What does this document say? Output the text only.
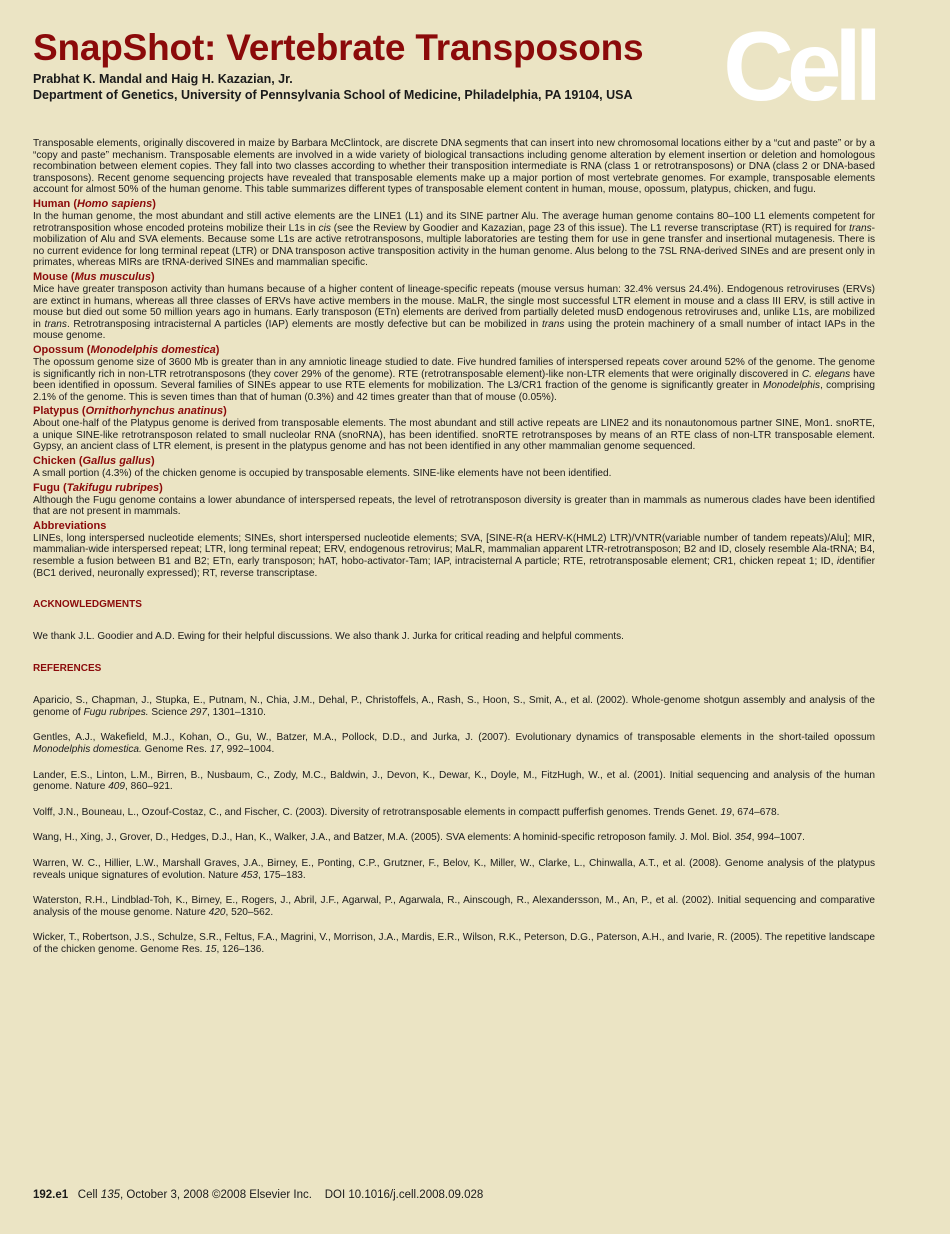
Cell
SnapShot: Vertebrate Transposons

Prabhat K. Mandal and Haig H. Kazazian, Jr.

Department of Genetics, University of Pennsylvania School of Medicine, Philadelphia, PA 19104, USA

Transposable elements, originally discovered in maize by Barbara McClintock, are discrete DNA segments that can insert into new chromosomal locations either by a “cut and paste” or by a “copy and paste” mechanism. Transposable elements are involved in a wide variety of biological transactions including genome alteration by element insertion or deletion and homologous recombination between element copies. They fall into two classes according to whether their transposition intermediate is RNA (class 1 or retrotransposons) or DNA (class 2 or DNA-based transposons). Recent genome sequencing projects have revealed that transposable elements make up a major portion of most vertebrate genomes. For example, transposable elements account for almost 50% of the human genome. This table summarizes different types of transposable element content in human, mouse, opossum, platypus, chicken, and fugu.

Human (Homo sapiens)

In the human genome, the most abundant and still active elements are the LINE1 (L1) and its SINE partner Alu. The average human genome contains 80–100 L1 elements competent for retrotransposition whose encoded proteins mobilize their L1s in cis (see the Review by Goodier and Kazazian, page 23 of this issue). The L1 reverse transcriptase (RT) is required for trans-mobilization of Alu and SVA elements. Because some L1s are active retrotransposons, multiple laboratories are testing them for use in gene transfer and insertional mutagenesis. There is no current evidence for long terminal repeat (LTR) or DNA transposon active transposition activity in the human genome. Alus belong to the 7SL RNA-derived SINEs and are present only in primates, whereas MIRs are tRNA-derived SINEs and mammalian specific.

Mouse (Mus musculus)

Mice have greater transposon activity than humans because of a higher content of lineage-specific repeats (mouse versus human: 32.4% versus 24.4%). Endogenous retroviruses (ERVs) are extinct in humans, whereas all three classes of ERVs have active members in the mouse. MaLR, the single most successful LTR element in mouse and a class III ERV, is still active in mouse but died out some 50 million years ago in humans. Early transposon (ETn) elements are derived from partially deleted musD endogenous retroviruses and, unlike L1s, are mobilized in trans. Retrotransposing intracisternal A particles (IAP) elements are mostly defective but can be mobilized in trans using the protein machinery of a small number of intact IAPs in the mouse genome.

Opossum (Monodelphis domestica)

The opossum genome size of 3600 Mb is greater than in any amniotic lineage studied to date. Five hundred families of interspersed repeats cover around 52% of the genome. The genome is significantly rich in non-LTR retrotransposons (they cover 29% of the genome). RTE (retrotransposable element)-like non-LTR elements that were originally discovered in C. elegans have been identified in opossum. Several families of SINEs appear to use RTE elements for mobilization. The L3/CR1 fraction of the genome is significantly greater in Monodelphis, comprising 2.1% of the genome. This is seven times than that of human (0.3%) and 42 times greater than that of mouse (0.05%).

Platypus (Ornithorhynchus anatinus)

About one-half of the Platypus genome is derived from transposable elements. The most abundant and still active repeats are LINE2 and its nonautonomous partner SINE, Mon1. snoRTE, a unique SINE-like retrotransposon related to small nucleolar RNA (snoRNA), has been identified. snoRTE retrotransposes by means of an RTE class of non-LTR transposable element. Gypsy, an ancient class of LTR element, is present in the platypus genome and has not been identified in any other mammalian genome sequenced.

Chicken (Gallus gallus)

A small portion (4.3%) of the chicken genome is occupied by transposable elements. SINE-like elements have not been identified.

Fugu (Takifugu rubripes)

Although the Fugu genome contains a lower abundance of interspersed repeats, the level of retrotransposon diversity is greater than in mammals as numerous clades have been identified that are not present in mammals.

Abbreviations

LINEs, long interspersed nucleotide elements; SINEs, short interspersed nucleotide elements; SVA, [SINE-R(a HERV-K(HML2) LTR)/VNTR(variable number of tandem repeats)/Alu]; MIR, mammalian-wide interspersed repeat; LTR, long terminal repeat; ERV, endogenous retrovirus; MaLR, mammalian apparent LTR-retrotransposon; B2 and ID, closely resemble Ala-tRNA; B4, resemble a fusion between B1 and B2; ETn, early transposon; hAT, hobo-activator-Tam; IAP, intracisternal A particle; RTE, retrotransposable element; CR1, chicken repeat 1; ID, identifier (BC1 derived, neuronally expressed); RT, reverse transcriptase.

ACKNOWLEDGMENTS

We thank J.L. Goodier and A.D. Ewing for their helpful discussions. We also thank J. Jurka for critical reading and helpful comments.

REFERENCES

Aparicio, S., Chapman, J., Stupka, E., Putnam, N., Chia, J.M., Dehal, P., Christoffels, A., Rash, S., Hoon, S., Smit, A., et al. (2002). Whole-genome shotgun assembly and analysis of the genome of Fugu rubripes. Science 297, 1301–1310.

Gentles, A.J., Wakefield, M.J., Kohan, O., Gu, W., Batzer, M.A., Pollock, D.D., and Jurka, J. (2007). Evolutionary dynamics of transposable elements in the short-tailed opossum Monodelphis domestica. Genome Res. 17, 992–1004.

Lander, E.S., Linton, L.M., Birren, B., Nusbaum, C., Zody, M.C., Baldwin, J., Devon, K., Dewar, K., Doyle, M., FitzHugh, W., et al. (2001). Initial sequencing and analysis of the human genome. Nature 409, 860–921.

Volff, J.N., Bouneau, L., Ozouf-Costaz, C., and Fischer, C. (2003). Diversity of retrotransposable elements in compactt pufferfish genomes. Trends Genet. 19, 674–678.

Wang, H., Xing, J., Grover, D., Hedges, D.J., Han, K., Walker, J.A., and Batzer, M.A. (2005). SVA elements: A hominid-specific retroposon family. J. Mol. Biol. 354, 994–1007.

Warren, W. C., Hillier, L.W., Marshall Graves, J.A., Birney, E., Ponting, C.P., Grutzner, F., Belov, K., Miller, W., Clarke, L., Chinwalla, A.T., et al. (2008). Genome analysis of the platypus reveals unique signatures of evolution. Nature 453, 175–183.

Waterston, R.H., Lindblad-Toh, K., Birney, E., Rogers, J., Abril, J.F., Agarwal, P., Agarwala, R., Ainscough, R., Alexandersson, M., An, P., et al. (2002). Initial sequencing and comparative analysis of the mouse genome. Nature 420, 520–562.

Wicker, T., Robertson, J.S., Schulze, S.R., Feltus, F.A., Magrini, V., Morrison, J.A., Mardis, E.R., Wilson, R.K., Peterson, D.G., Paterson, A.H., and Ivarie, R. (2005). The repetitive landscape of the chicken genome. Genome Res. 15, 126–136.

192.e1 Cell 135, October 3, 2008 ©2008 Elsevier Inc.    DOI 10.1016/j.cell.2008.09.028
